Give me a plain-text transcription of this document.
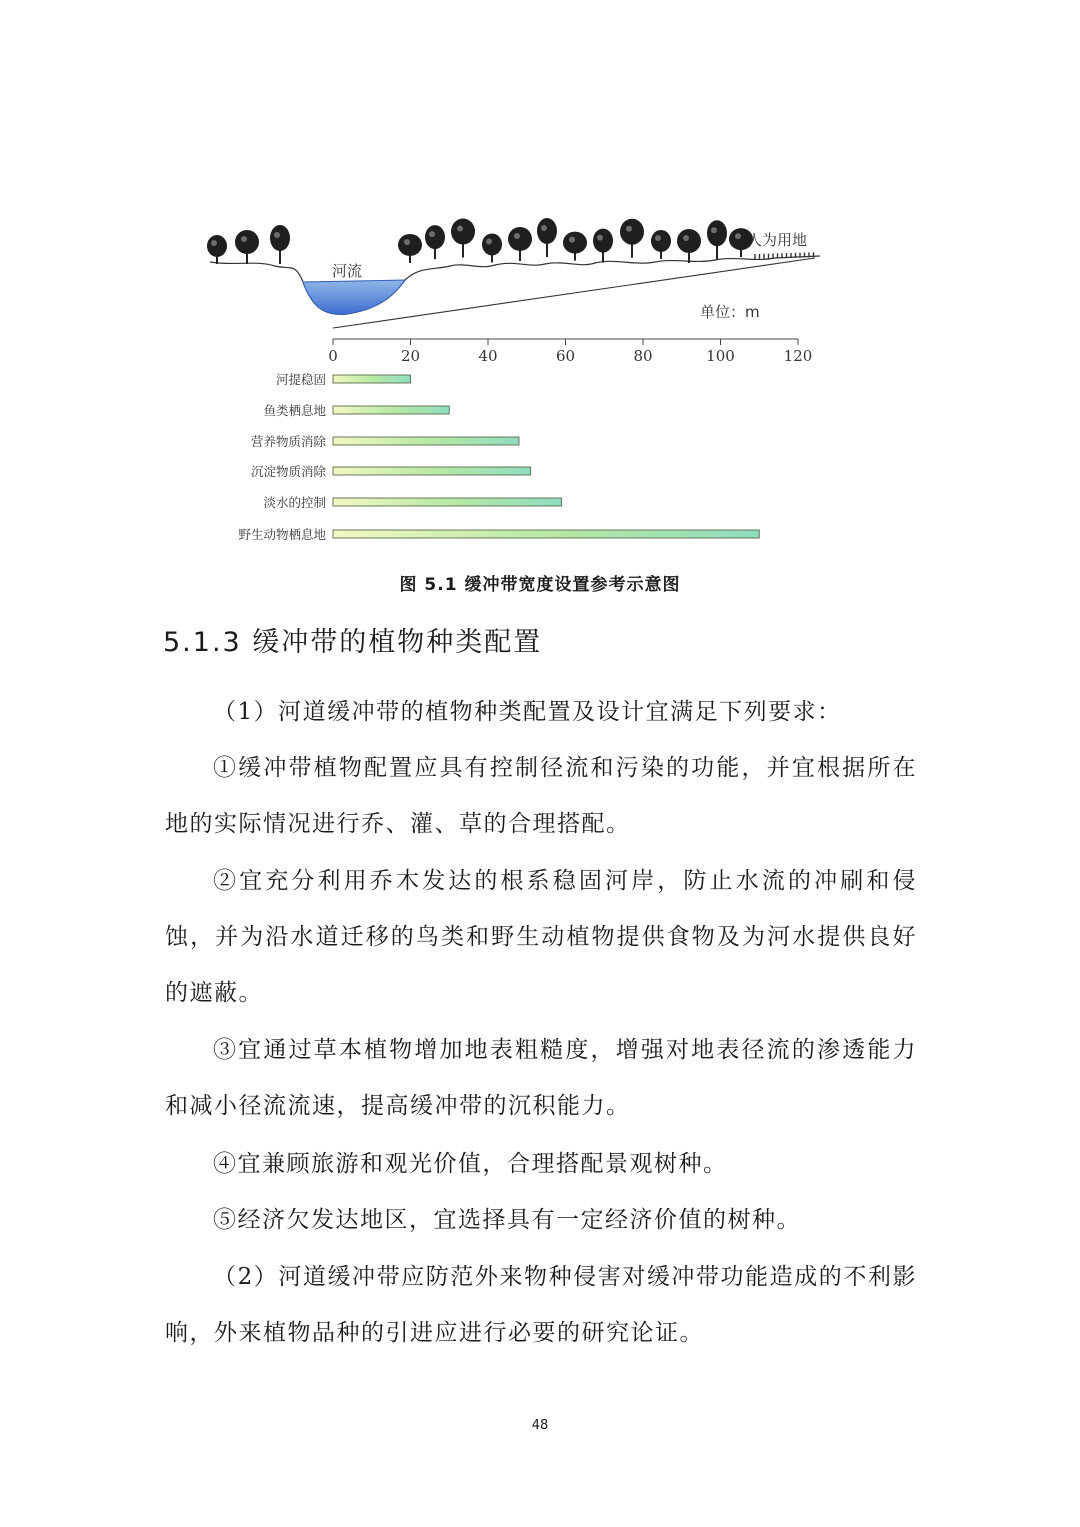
河流
人为用地
单位：m
0	20	40	60	80	100	120
河提稳固
鱼类栖息地
营养物质消除
沉淀物质消除
淡水的控制
野生动物栖息地
图 5.1 缓冲带宽度设置参考示意图
5.1.3 缓冲带的植物种类配置

（1）河道缓冲带的植物种类配置及设计宜满足下列要求：

①缓冲带植物配置应具有控制径流和污染的功能，并宜根据所在地的实际情况进行乔、灌、草的合理搭配。

②宜充分利用乔木发达的根系稳固河岸，防止水流的冲刷和侵蚀，并为沿水道迁移的鸟类和野生动植物提供食物及为河水提供良好的遮蔽。

③宜通过草本植物增加地表粗糙度，增强对地表径流的渗透能力和减小径流流速，提高缓冲带的沉积能力。

④宜兼顾旅游和观光价值，合理搭配景观树种。

⑤经济欠发达地区，宜选择具有一定经济价值的树种。

（2）河道缓冲带应防范外来物种侵害对缓冲带功能造成的不利影响，外来植物品种的引进应进行必要的研究论证。

48
